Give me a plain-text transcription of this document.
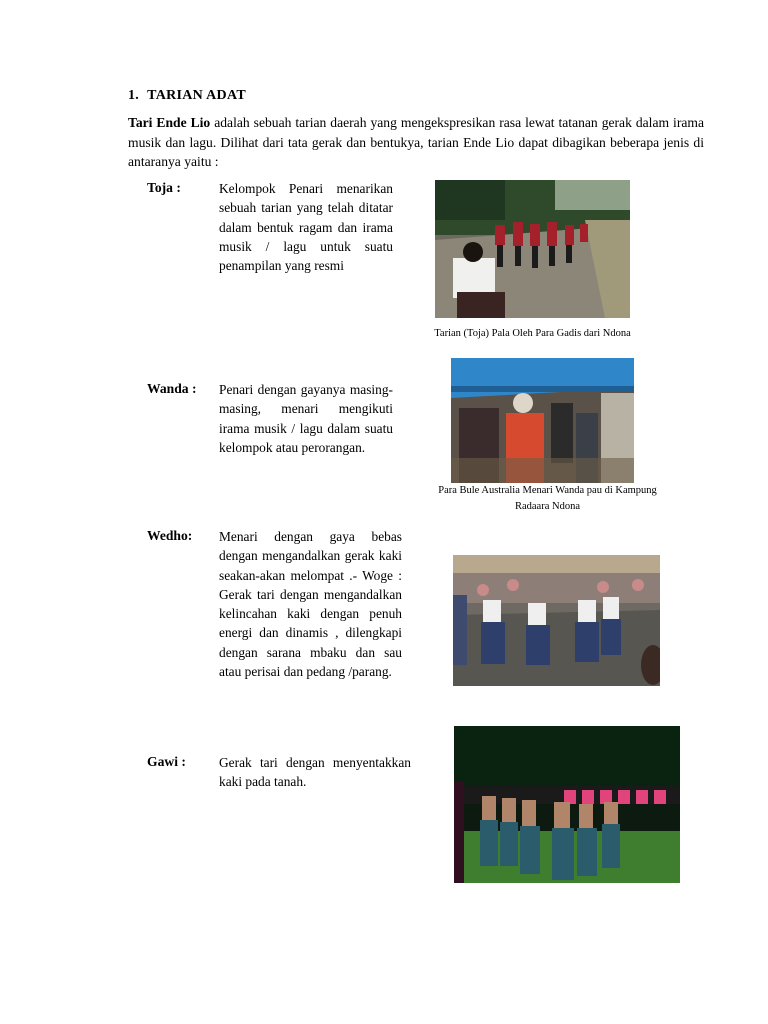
1. TARIAN ADAT
Tari Ende Lio adalah sebuah tarian daerah yang mengekspresikan rasa lewat tatanan gerak dalam irama musik dan lagu. Dilihat dari tata gerak dan bentukya, tarian Ende Lio dapat dibagikan beberapa jenis di antaranya yaitu :
Toja :	Kelompok Penari menarikan sebuah tarian yang telah ditatar dalam bentuk ragam dan irama musik / lagu untuk suatu penampilan yang resmi
Tarian (Toja) Pala Oleh Para Gadis dari Ndona
Wanda : Penari dengan gayanya masing-masing, menari mengikuti irama musik / lagu dalam suatu kelompok atau perorangan.
Para Bule Australia Menari Wanda pau di Kampung Radaara Ndona
Wedho: Menari dengan gaya bebas dengan mengandalkan gerak kaki seakan-akan melompat .- Woge : Gerak tari dengan mengandalkan kelincahan kaki dengan penuh energi dan dinamis , dilengkapi dengan sarana mbaku dan sau atau perisai dan pedang /parang.
Gawi : Gerak tari dengan menyentakkan kaki pada tanah.
